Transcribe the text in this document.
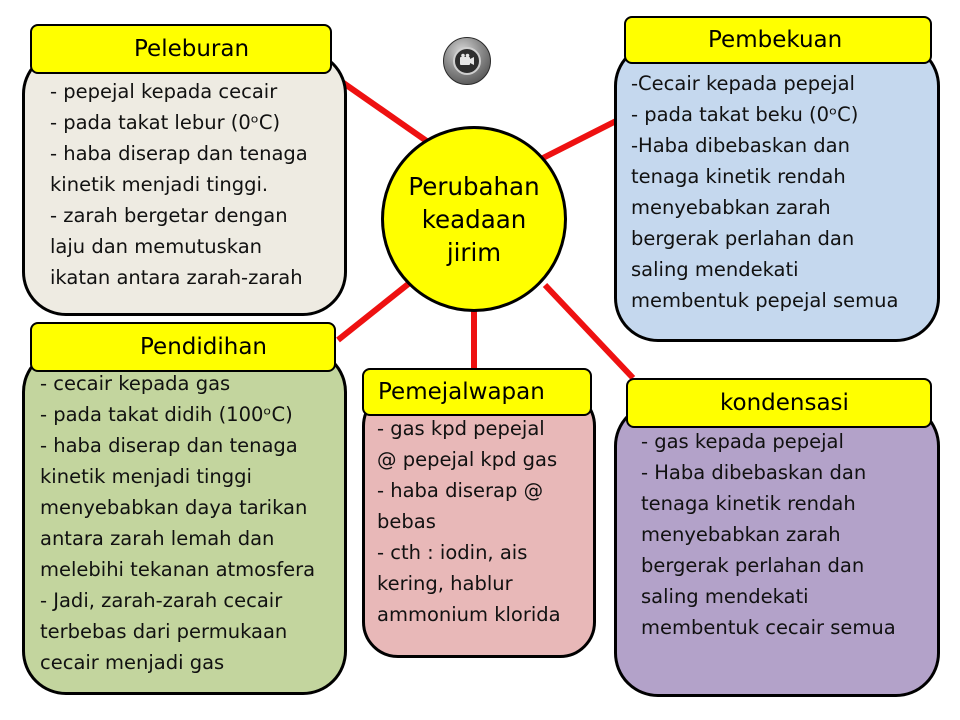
- pepejal kepada cecair
- pada takat lebur (0ᵒC)
- haba diserap dan tenaga
kinetik menjadi tinggi.
- zarah bergetar dengan
laju dan memutuskan
ikatan antara zarah-zarah
-Cecair kepada pepejal
- pada takat beku (0ᵒC)
-Haba dibebaskan dan
tenaga kinetik rendah
menyebabkan zarah
bergerak perlahan dan
saling mendekati
membentuk pepejal semua
- cecair kepada gas
- pada takat didih (100ᵒC)
- haba diserap dan tenaga
kinetik menjadi tinggi
menyebabkan daya tarikan
antara zarah lemah dan
melebihi tekanan atmosfera
- Jadi, zarah-zarah cecair
terbebas dari permukaan
cecair menjadi gas
- gas kpd pepejal
@ pepejal kpd gas
- haba diserap @
bebas
- cth : iodin, ais
kering, hablur
ammonium klorida
- gas kepada pepejal
- Haba dibebaskan dan
tenaga kinetik rendah
menyebabkan zarah
bergerak perlahan dan
saling mendekati
membentuk cecair semua
Peleburan	Pembekuan
Pendidihan
Pemejalwapan	kondensasi
Perubahan
keadaan
jirim
